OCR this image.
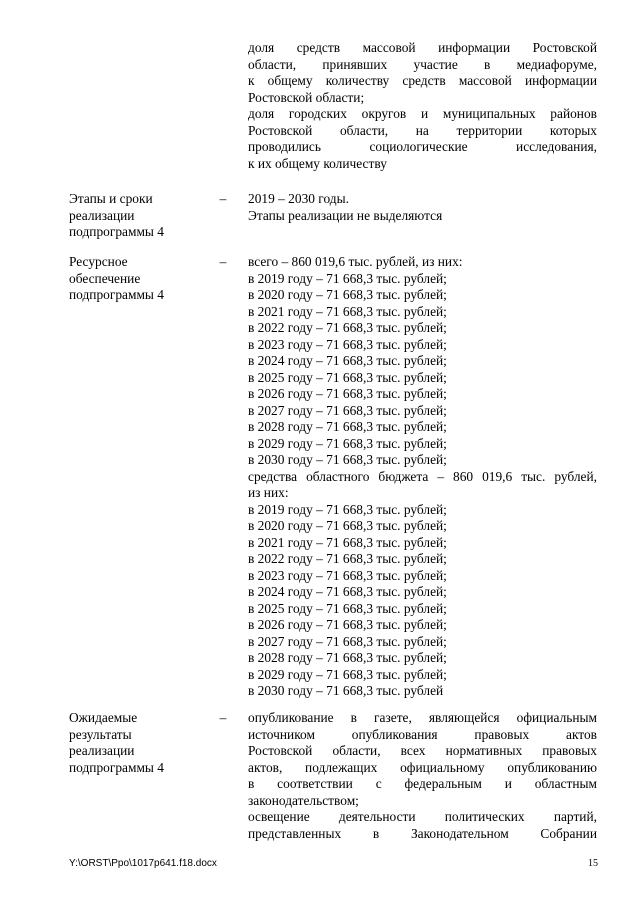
доля средств массовой информации Ростовской
области, принявших участие в медиафоруме,
к общему количеству средств массовой информации
Ростовской области;
доля городских округов и муниципальных районов
Ростовской области, на территории которых
проводились социологические исследования,
к их общему количеству
Этапы и сроки
реализации
подпрограммы 4
– 2019 – 2030 годы.
Этапы реализации не выделяются
Ресурсное
обеспечение
подпрограммы 4
– всего – 860 019,6 тыс. рублей, из них:
в 2019 году – 71 668,3 тыс. рублей;
в 2020 году – 71 668,3 тыс. рублей;
в 2021 году – 71 668,3 тыс. рублей;
в 2022 году – 71 668,3 тыс. рублей;
в 2023 году – 71 668,3 тыс. рублей;
в 2024 году – 71 668,3 тыс. рублей;
в 2025 году – 71 668,3 тыс. рублей;
в 2026 году – 71 668,3 тыс. рублей;
в 2027 году – 71 668,3 тыс. рублей;
в 2028 году – 71 668,3 тыс. рублей;
в 2029 году – 71 668,3 тыс. рублей;
в 2030 году – 71 668,3 тыс. рублей;
средства областного бюджета – 860 019,6 тыс. рублей,
из них:
в 2019 году – 71 668,3 тыс. рублей;
в 2020 году – 71 668,3 тыс. рублей;
в 2021 году – 71 668,3 тыс. рублей;
в 2022 году – 71 668,3 тыс. рублей;
в 2023 году – 71 668,3 тыс. рублей;
в 2024 году – 71 668,3 тыс. рублей;
в 2025 году – 71 668,3 тыс. рублей;
в 2026 году – 71 668,3 тыс. рублей;
в 2027 году – 71 668,3 тыс. рублей;
в 2028 году – 71 668,3 тыс. рублей;
в 2029 году – 71 668,3 тыс. рублей;
в 2030 году – 71 668,3 тыс. рублей
Ожидаемые
результаты
реализации
подпрограммы 4
– опубликование в газете, являющейся официальным
источником опубликования правовых актов
Ростовской области, всех нормативных правовых
актов, подлежащих официальному опубликованию
в соответствии с федеральным и областным
законодательством;
освещение деятельности политических партий,
представленных в Законодательном Собрании
Y:\ORST\Ppo\1017p641.f18.docx	15
